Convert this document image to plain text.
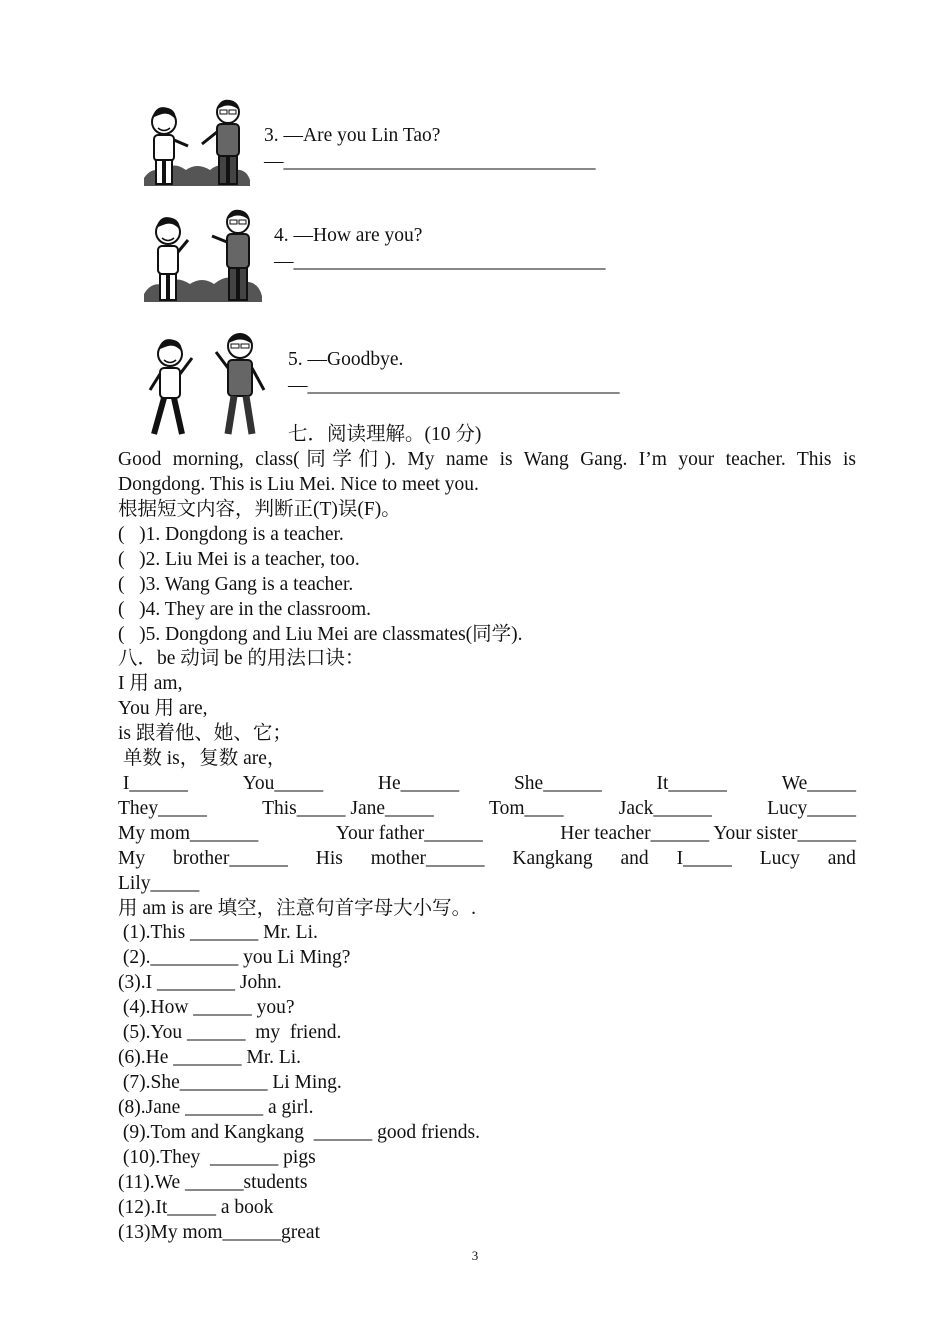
3. —Are you Lin Tao?
—________________________________
4. —How are you?
—________________________________
5. —Goodbye.
—________________________________
七．阅读理解。(10 分)
Good morning, class(同学们). My name is Wang Gang. I’m your teacher. This is
Dongdong. This is Liu Mei. Nice to meet you.
根据短文内容，判断正(T)误(F)。
(   )1. Dongdong is a teacher.
(   )2. Liu Mei is a teacher, too.
(   )3. Wang Gang is a teacher.
(   )4. They are in the classroom.
(   )5. Dongdong and Liu Mei are classmates(同学).
八．be 动词 be 的用法口诀：
I 用 am,
You 用 are,
is 跟着他、她、它；
单数 is，复数 are，
I______	You_____	He______	She______	It______	We_____
They_____	This_____ Jane_____	Tom____	Jack______	Lucy_____
My mom_______	Your father______	Her teacher______ Your sister______
My brother______ His mother______ Kangkang and I_____ Lucy and
Lily_____
用 am is are 填空，注意句首字母大小写。.
(1).This _______ Mr. Li.
(2)._________ you Li Ming?
(3).I ________ John.
(4).How ______ you?
(5).You ______  my  friend.
(6).He _______ Mr. Li.
(7).She_________ Li Ming.
(8).Jane ________ a girl.
(9).Tom and Kangkang  ______ good friends.
(10).They  _______ pigs
(11).We ______students
(12).It_____ a book
(13)My mom______great
3
